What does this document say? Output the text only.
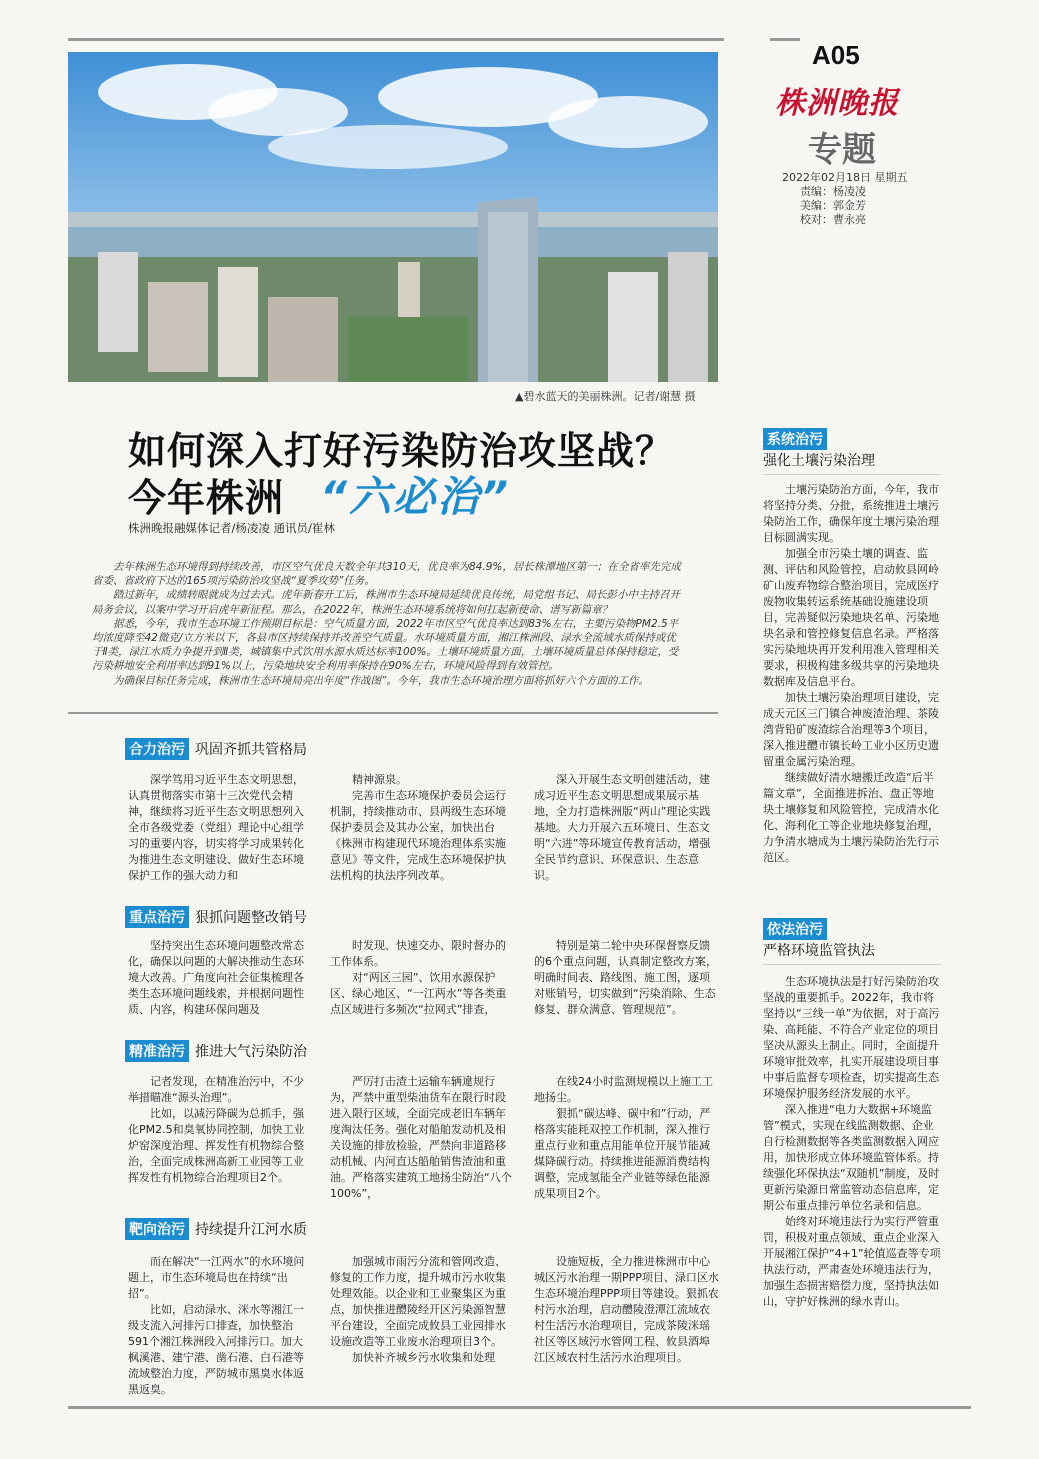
A05
株洲晚报
专题
2022年02月18日 星期五
责编：杨凌凌
美编：郭金芳
校对：曹永亮
▲碧水蓝天的美丽株洲。记者/谢慧 摄
如何深入打好污染防治攻坚战？
今年株洲 “六必治”
株洲晚报融媒体记者/杨凌凌 通讯员/崔林

去年株洲生态环境得到持续改善，市区空气优良天数全年共310天，优良率为84.9%，居长株潭地区第一；在全省率先完成省委、省政府下达的165项污染防治攻坚战“夏季攻势”任务。

踏过新年，成绩转眼就成为过去式。虎年新春开工后，株洲市生态环境局延续优良传统，局党组书记、局长彭小中主持召开局务会议，以案中学习开启虎年新征程。那么，在2022年，株洲生态环境系统将如何扛起新使命、谱写新篇章？

据悉，今年，我市生态环境工作预期目标是：空气质量方面，2022年市区空气优良率达到83%左右，主要污染物PM2.5平均浓度降至42微克/立方米以下，各县市区持续保持并改善空气质量。水环境质量方面，湘江株洲段、渌水全流域水质保持或优于Ⅱ类，渌江水质力争提升到Ⅱ类，城镇集中式饮用水源水质达标率100%。土壤环境质量方面，土壤环境质量总体保持稳定，受污染耕地安全利用率达到91%以上，污染地块安全利用率保持在90%左右，环境风险得到有效管控。

为确保目标任务完成，株洲市生态环境局亮出年度“作战图”。今年，我市生态环境治理方面将抓好六个方面的工作。

合力治污 巩固齐抓共管格局

深学笃用习近平生态文明思想，认真贯彻落实市第十三次党代会精神，继续将习近平生态文明思想列入全市各级党委（党组）理论中心组学习的重要内容，切实将学习成果转化为推进生态文明建设、做好生态环境保护工作的强大动力和

精神源泉。

完善市生态环境保护委员会运行机制，持续推动市、县两级生态环境保护委员会及其办公室，加快出台《株洲市构建现代环境治理体系实施意见》等文件，完成生态环境保护执法机构的执法序列改革。

深入开展生态文明创建活动，建成习近平生态文明思想成果展示基地，全力打造株洲版“两山”理论实践基地。大力开展六五环境日、生态文明“六进”等环境宣传教育活动，增强全民节约意识、环保意识、生态意识。

重点治污 狠抓问题整改销号

坚持突出生态环境问题整改常态化，确保以问题的大解决推动生态环境大改善。广角度向社会征集梳理各类生态环境问题线索，并根据问题性质、内容，构建环保问题及

时发现、快速交办、限时督办的工作体系。

对“两区三园”、饮用水源保护区、绿心地区、“一江两水”等各类重点区域进行多频次“拉网式”排查，

特别是第二轮中央环保督察反馈的6个重点问题，认真制定整改方案，明确时间表、路线图、施工图，逐项对账销号，切实做到“污染消除、生态修复、群众满意、管理规范”。

精准治污 推进大气污染防治

记者发现，在精准治污中，不少举措瞄准“源头治理”。

比如，以减污降碳为总抓手，强化PM2.5和臭氧协同控制，加快工业炉窑深度治理、挥发性有机物综合整治，全面完成株洲高新工业园等工业挥发性有机物综合治理项目2个。

严厉打击渣土运输车辆違规行为，严禁中重型柴油货车在限行时段进入限行区域，全面完成老旧车辆年度淘汰任务。强化对船舶发动机及相关设施的排放检验，严禁向非道路移动机械、内河直达船舶销售渣油和重油。严格落实建筑工地扬尘防治“八个100%”，

在线24小时监测规模以上施工工地扬尘。

狠抓“碳达峰、碳中和”行动，严格落实能耗双控工作机制，深入推行重点行业和重点用能单位开展节能减煤降碳行动。持续推进能源消费结构调整，完成氢能全产业链等绿色能源成果项目2个。

靶向治污 持续提升江河水质

而在解决“一江两水”的水环境问题上，市生态环境局也在持续“出招”。

比如，启动渌水、洣水等湘江一级支流入河排污口排查，加快整治591个湘江株洲段入河排污口。加大枫溪港、建宁港、凿石港、白石港等流域整治力度，严防城市黑臭水体返黑返臭。

加强城市雨污分流和管网改造、修复的工作力度，提升城市污水收集处理效能。以企业和工业聚集区为重点，加快推进醴陵经开区污染源智慧平台建设，全面完成攸县工业园排水设施改造等工业废水治理项目3个。

加快补齐城乡污水收集和处理

设施短板，全力推进株洲市中心城区污水治理一期PPP项目、渌口区水生态环境治理PPP项目等建设。狠抓农村污水治理，启动醴陵澄潭江流域农村生活污水治理项目，完成茶陵洣瑶社区等区域污水管网工程、攸县酒埠江区域农村生活污水治理项目。

系统治污
强化土壤污染治理

土壤污染防治方面，今年，我市将坚持分类、分批，系统推进土壤污染防治工作，确保年度土壤污染治理目标圆满实现。

加强全市污染土壤的调查、监测、评估和风险管控，启动攸县网岭矿山废弃物综合整治项目，完成医疗废物收集转运系统基础设施建设项目，完善疑似污染地块名单、污染地块名录和管控修复信息名录。严格落实污染地块再开发利用准入管理相关要求，积极构建多级共享的污染地块数据库及信息平台。

加快土壤污染治理项目建设，完成天元区三门镇合神废渣治理、茶陵湾背铅矿废渣综合治理等3个项目，深入推进醴市镇长岭工业小区历史遗留重金属污染治理。

继续做好清水塘搬迁改造“后半篇文章”，全面推进拆治、盘正等地块土壤修复和风险管控，完成清水化化、海利化工等企业地块修复治理，力争清水塘成为土壤污染防治先行示范区。

依法治污
严格环境监管执法

生态环境执法是打好污染防治攻坚战的重要抓手。2022年，我市将坚持以“三线一单”为依据，对于高污染、高耗能、不符合产业定位的项目坚决从源头上制止。同时，全面提升环境审批效率，扎实开展建设项目事中事后监督专项检查，切实提高生态环境保护服务经济发展的水平。

深入推进“电力大数据+环境监管”模式，实现在线监测数据、企业自行检测数据等各类监测数据入网应用，加快形成立体环境监管体系。持续强化环保执法“双随机”制度，及时更新污染源日常监管动态信息库，定期公布重点排污单位名录和信息。

始终对环境违法行为实行严管重罚，积极对重点领域、重点企业深入开展湘江保护“4+1”轮值巡查等专项执法行动，严肃查处环境违法行为，加强生态损害赔偿力度，坚持执法如山，守护好株洲的绿水青山。
